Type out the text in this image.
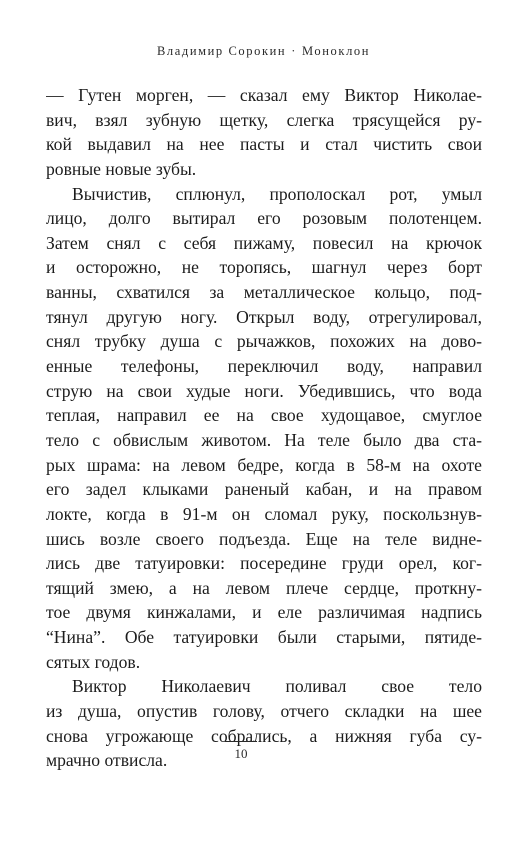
Владимир Сорокин · Моноклон
— Гутен морген, — сказал ему Виктор Николае-
вич, взял зубную щетку, слегка трясущейся ру-
кой выдавил на нее пасты и стал чистить свои
ровные новые зубы.
Вычистив, сплюнул, прополоскал рот, умыл
лицо, долго вытирал его розовым полотенцем.
Затем снял с себя пижаму, повесил на крючок
и осторожно, не торопясь, шагнул через борт
ванны, схватился за металлическое кольцо, под-
тянул другую ногу. Открыл воду, отрегулировал,
снял трубку душа с рычажков, похожих на дово-
енные телефоны, переключил воду, направил
струю на свои худые ноги. Убедившись, что вода
теплая, направил ее на свое худощавое, смуглое
тело с обвислым животом. На теле было два ста-
рых шрама: на левом бедре, когда в 58-м на охоте
его задел клыками раненый кабан, и на правом
локте, когда в 91-м он сломал руку, поскользнув-
шись возле своего подъезда. Еще на теле видне-
лись две татуировки: посередине груди орел, ког-
тящий змею, а на левом плече сердце, проткну-
тое двумя кинжалами, и еле различимая надпись
“Нина”. Обе татуировки были старыми, пятиде-
сятых годов.
Виктор Николаевич поливал свое тело
из душа, опустив голову, отчего складки на шее
снова угрожающе собрались, а нижняя губа су-
мрачно отвисла.	10
